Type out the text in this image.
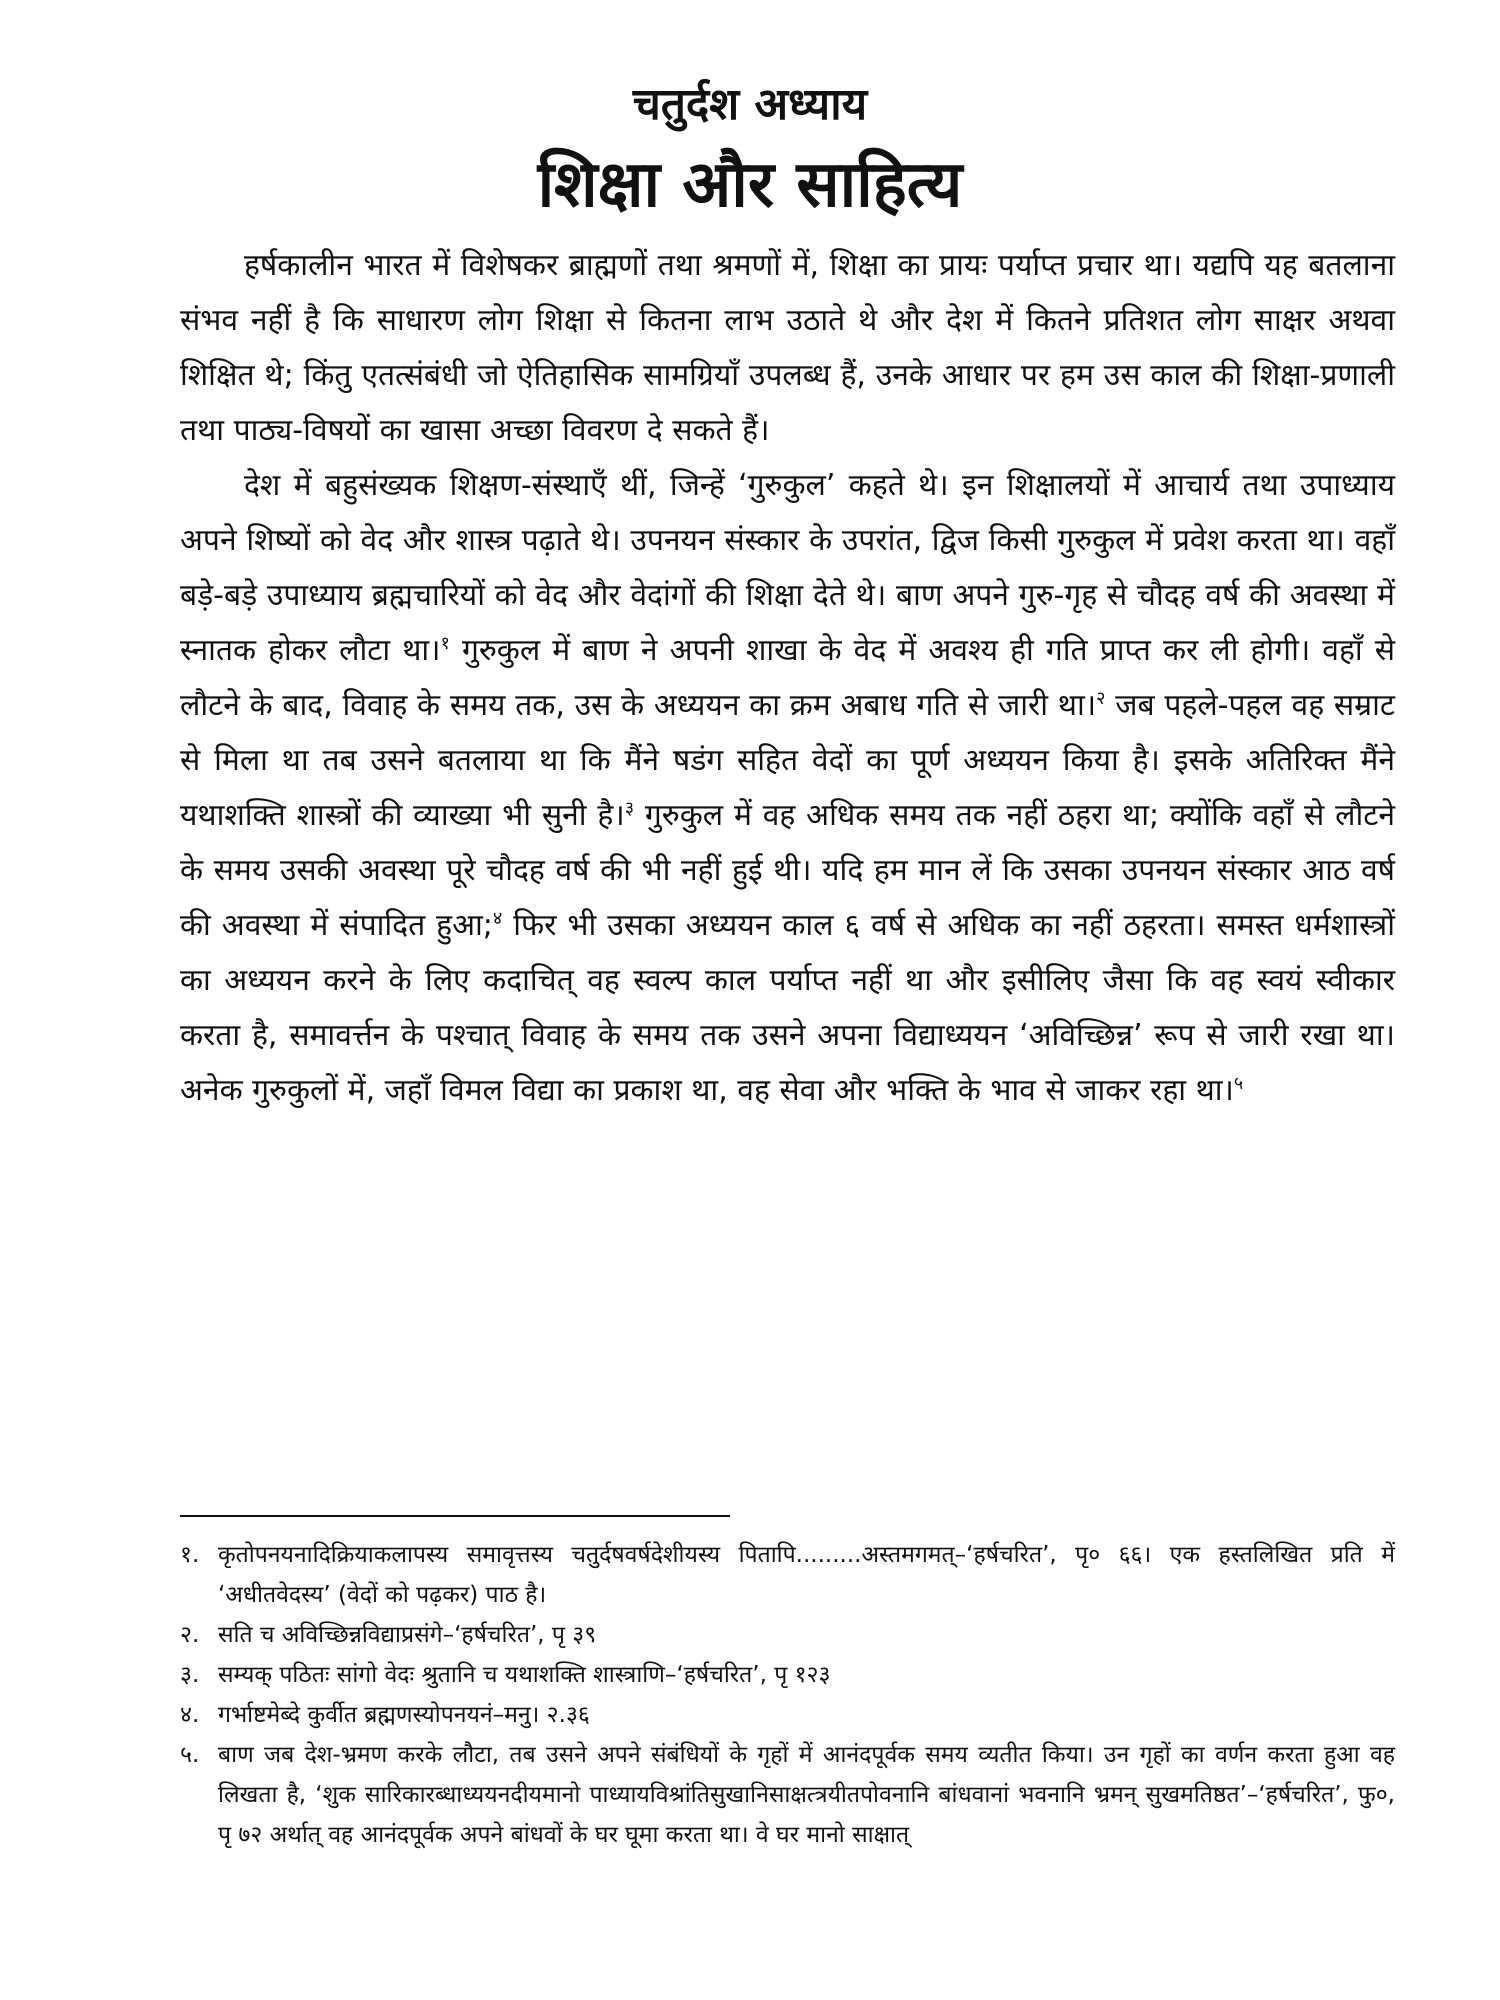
चतुर्दश अध्याय
शिक्षा और साहित्य

हर्षकालीन भारत में विशेषकर ब्राह्मणों तथा श्रमणों में, शिक्षा का प्रायः पर्याप्त प्रचार था। यद्यपि यह बतलाना संभव नहीं है कि साधारण लोग शिक्षा से कितना लाभ उठाते थे और देश में कितने प्रतिशत लोग साक्षर अथवा शिक्षित थे; किंतु एतत्संबंधी जो ऐतिहासिक सामग्रियाँ उपलब्ध हैं, उनके आधार पर हम उस काल की शिक्षा-प्रणाली तथा पाठ्य-विषयों का खासा अच्छा विवरण दे सकते हैं।

देश में बहुसंख्यक शिक्षण-संस्थाएँ थीं, जिन्हें ‘गुरुकुल’ कहते थे। इन शिक्षालयों में आचार्य तथा उपाध्याय अपने शिष्यों को वेद और शास्त्र पढ़ाते थे। उपनयन संस्कार के उपरांत, द्विज किसी गुरुकुल में प्रवेश करता था। वहाँ बड़े-बड़े उपाध्याय ब्रह्मचारियों को वेद और वेदांगों की शिक्षा देते थे। बाण अपने गुरु-गृह से चौदह वर्ष की अवस्था में स्नातक होकर लौटा था।$^१$ गुरुकुल में बाण ने अपनी शाखा के वेद में अवश्य ही गति प्राप्त कर ली होगी। वहाँ से लौटने के बाद, विवाह के समय तक, उस के अध्ययन का क्रम अबाध गति से जारी था।$^२$ जब पहले-पहल वह सम्राट से मिला था तब उसने बतलाया था कि मैंने षडंग सहित वेदों का पूर्ण अध्ययन किया है। इसके अतिरिक्त मैंने यथाशक्ति शास्त्रों की व्याख्या भी सुनी है।$^३$ गुरुकुल में वह अधिक समय तक नहीं ठहरा था; क्योंकि वहाँ से लौटने के समय उसकी अवस्था पूरे चौदह वर्ष की भी नहीं हुई थी। यदि हम मान लें कि उसका उपनयन संस्कार आठ वर्ष की अवस्था में संपादित हुआ;$^४$ फिर भी उसका अध्ययन काल ६ वर्ष से अधिक का नहीं ठहरता। समस्त धर्मशास्त्रों का अध्ययन करने के लिए कदाचित् वह स्वल्प काल पर्याप्त नहीं था और इसीलिए जैसा कि वह स्वयं स्वीकार करता है, समावर्त्तन के पश्चात् विवाह के समय तक उसने अपना विद्याध्ययन ‘अविच्छिन्न’ रूप से जारी रखा था। अनेक गुरुकुलों में, जहाँ विमल विद्या का प्रकाश था, वह सेवा और भक्ति के भाव से जाकर रहा था।$^५$

१. कृतोपनयनादिक्रियाकलापस्य समावृत्तस्य चतुर्दषवर्षदेशीयस्य पितापि.........अस्तमगमत्–‘हर्षचरित’, पृ० ६६। एक हस्तलिखित प्रति में ‘अधीतवेदस्य’ (वेदों को पढ़कर) पाठ है।
२. सति च अविच्छिन्नविद्याप्रसंगे–‘हर्षचरित’, पृ ३९
३. सम्यक् पठितः सांगो वेदः श्रुतानि च यथाशक्ति शास्त्राणि–‘हर्षचरित’, पृ १२३
४. गर्भाष्टमेब्दे कुर्वीत ब्रह्मणस्योपनयनं–मनु। २.३६
५. बाण जब देश-भ्रमण करके लौटा, तब उसने अपने संबंधियों के गृहों में आनंदपूर्वक समय व्यतीत किया। उन गृहों का वर्णन करता हुआ वह लिखता है, ‘शुक सारिकारब्धाध्ययनदीयमानो पाध्यायविश्रांतिसुखानिसाक्षत्त्रयीतपोवनानि बांधवानां भवनानि भ्रमन् सुखमतिष्ठत’–‘हर्षचरित’, फु०, पृ ७२ अर्थात् वह आनंदपूर्वक अपने बांधवों के घर घूमा करता था। वे घर मानो साक्षात्
